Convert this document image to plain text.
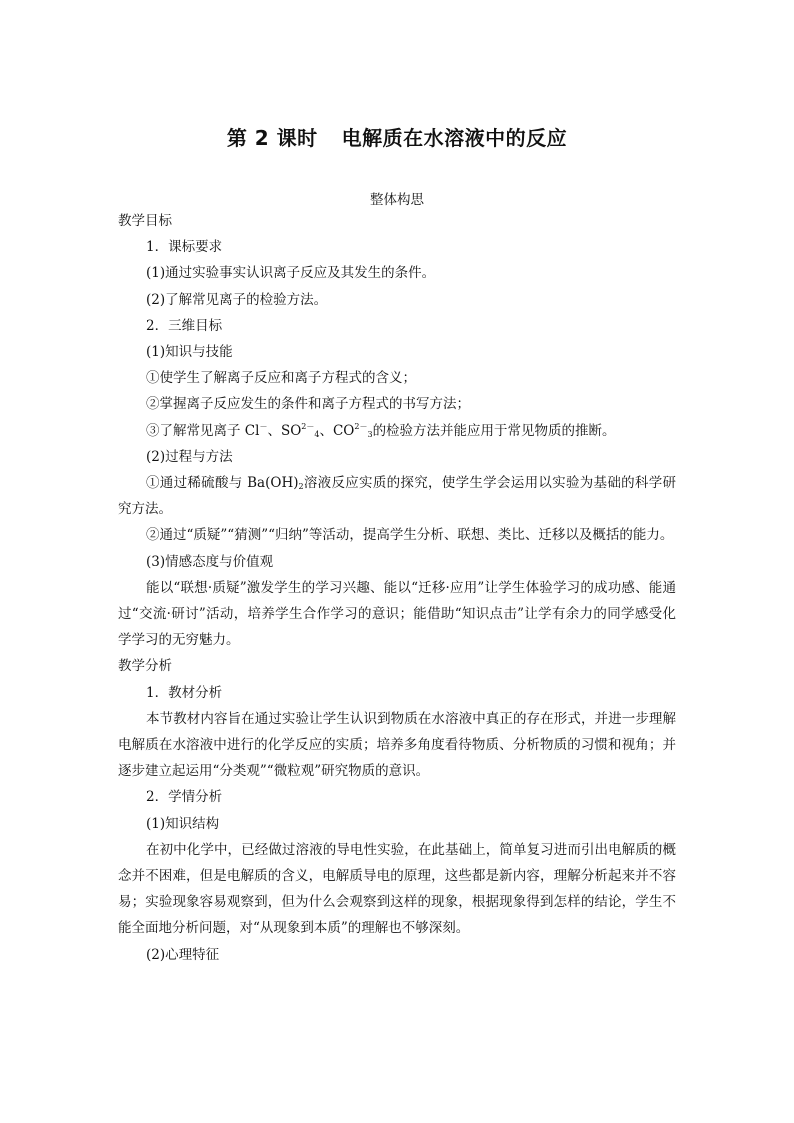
第 2 课时 电解质在水溶液中的反应
整体构思

教学目标

1．课标要求

(1)通过实验事实认识离子反应及其发生的条件。

(2)了解常见离子的检验方法。

2．三维目标

(1)知识与技能

①使学生了解离子反应和离子方程式的含义；

②掌握离子反应发生的条件和离子方程式的书写方法；

③了解常见离子 Cl－、$SO^{2-}_4$、$CO^{2-}_3$的检验方法并能应用于常见物质的推断。

(2)过程与方法

①通过稀硫酸与 $Ba(OH)_2$溶液反应实质的探究，使学生学会运用以实验为基础的科学研究方法。

②通过“质疑”“猜测”“归纳”等活动，提高学生分析、联想、类比、迁移以及概括的能力。

(3)情感态度与价值观

能以“联想·质疑”激发学生的学习兴趣、能以“迁移·应用”让学生体验学习的成功感、能通过“交流·研讨”活动，培养学生合作学习的意识；能借助“知识点击”让学有余力的同学感受化学学习的无穷魅力。

教学分析

1．教材分析

本节教材内容旨在通过实验让学生认识到物质在水溶液中真正的存在形式，并进一步理解电解质在水溶液中进行的化学反应的实质；培养多角度看待物质、分析物质的习惯和视角；并逐步建立起运用“分类观”“微粒观”研究物质的意识。

2．学情分析

(1)知识结构

在初中化学中，已经做过溶液的导电性实验，在此基础上，简单复习进而引出电解质的概念并不困难，但是电解质的含义，电解质导电的原理，这些都是新内容，理解分析起来并不容易；实验现象容易观察到，但为什么会观察到这样的现象，根据现象得到怎样的结论，学生不能全面地分析问题，对“从现象到本质”的理解也不够深刻。

(2)心理特征
